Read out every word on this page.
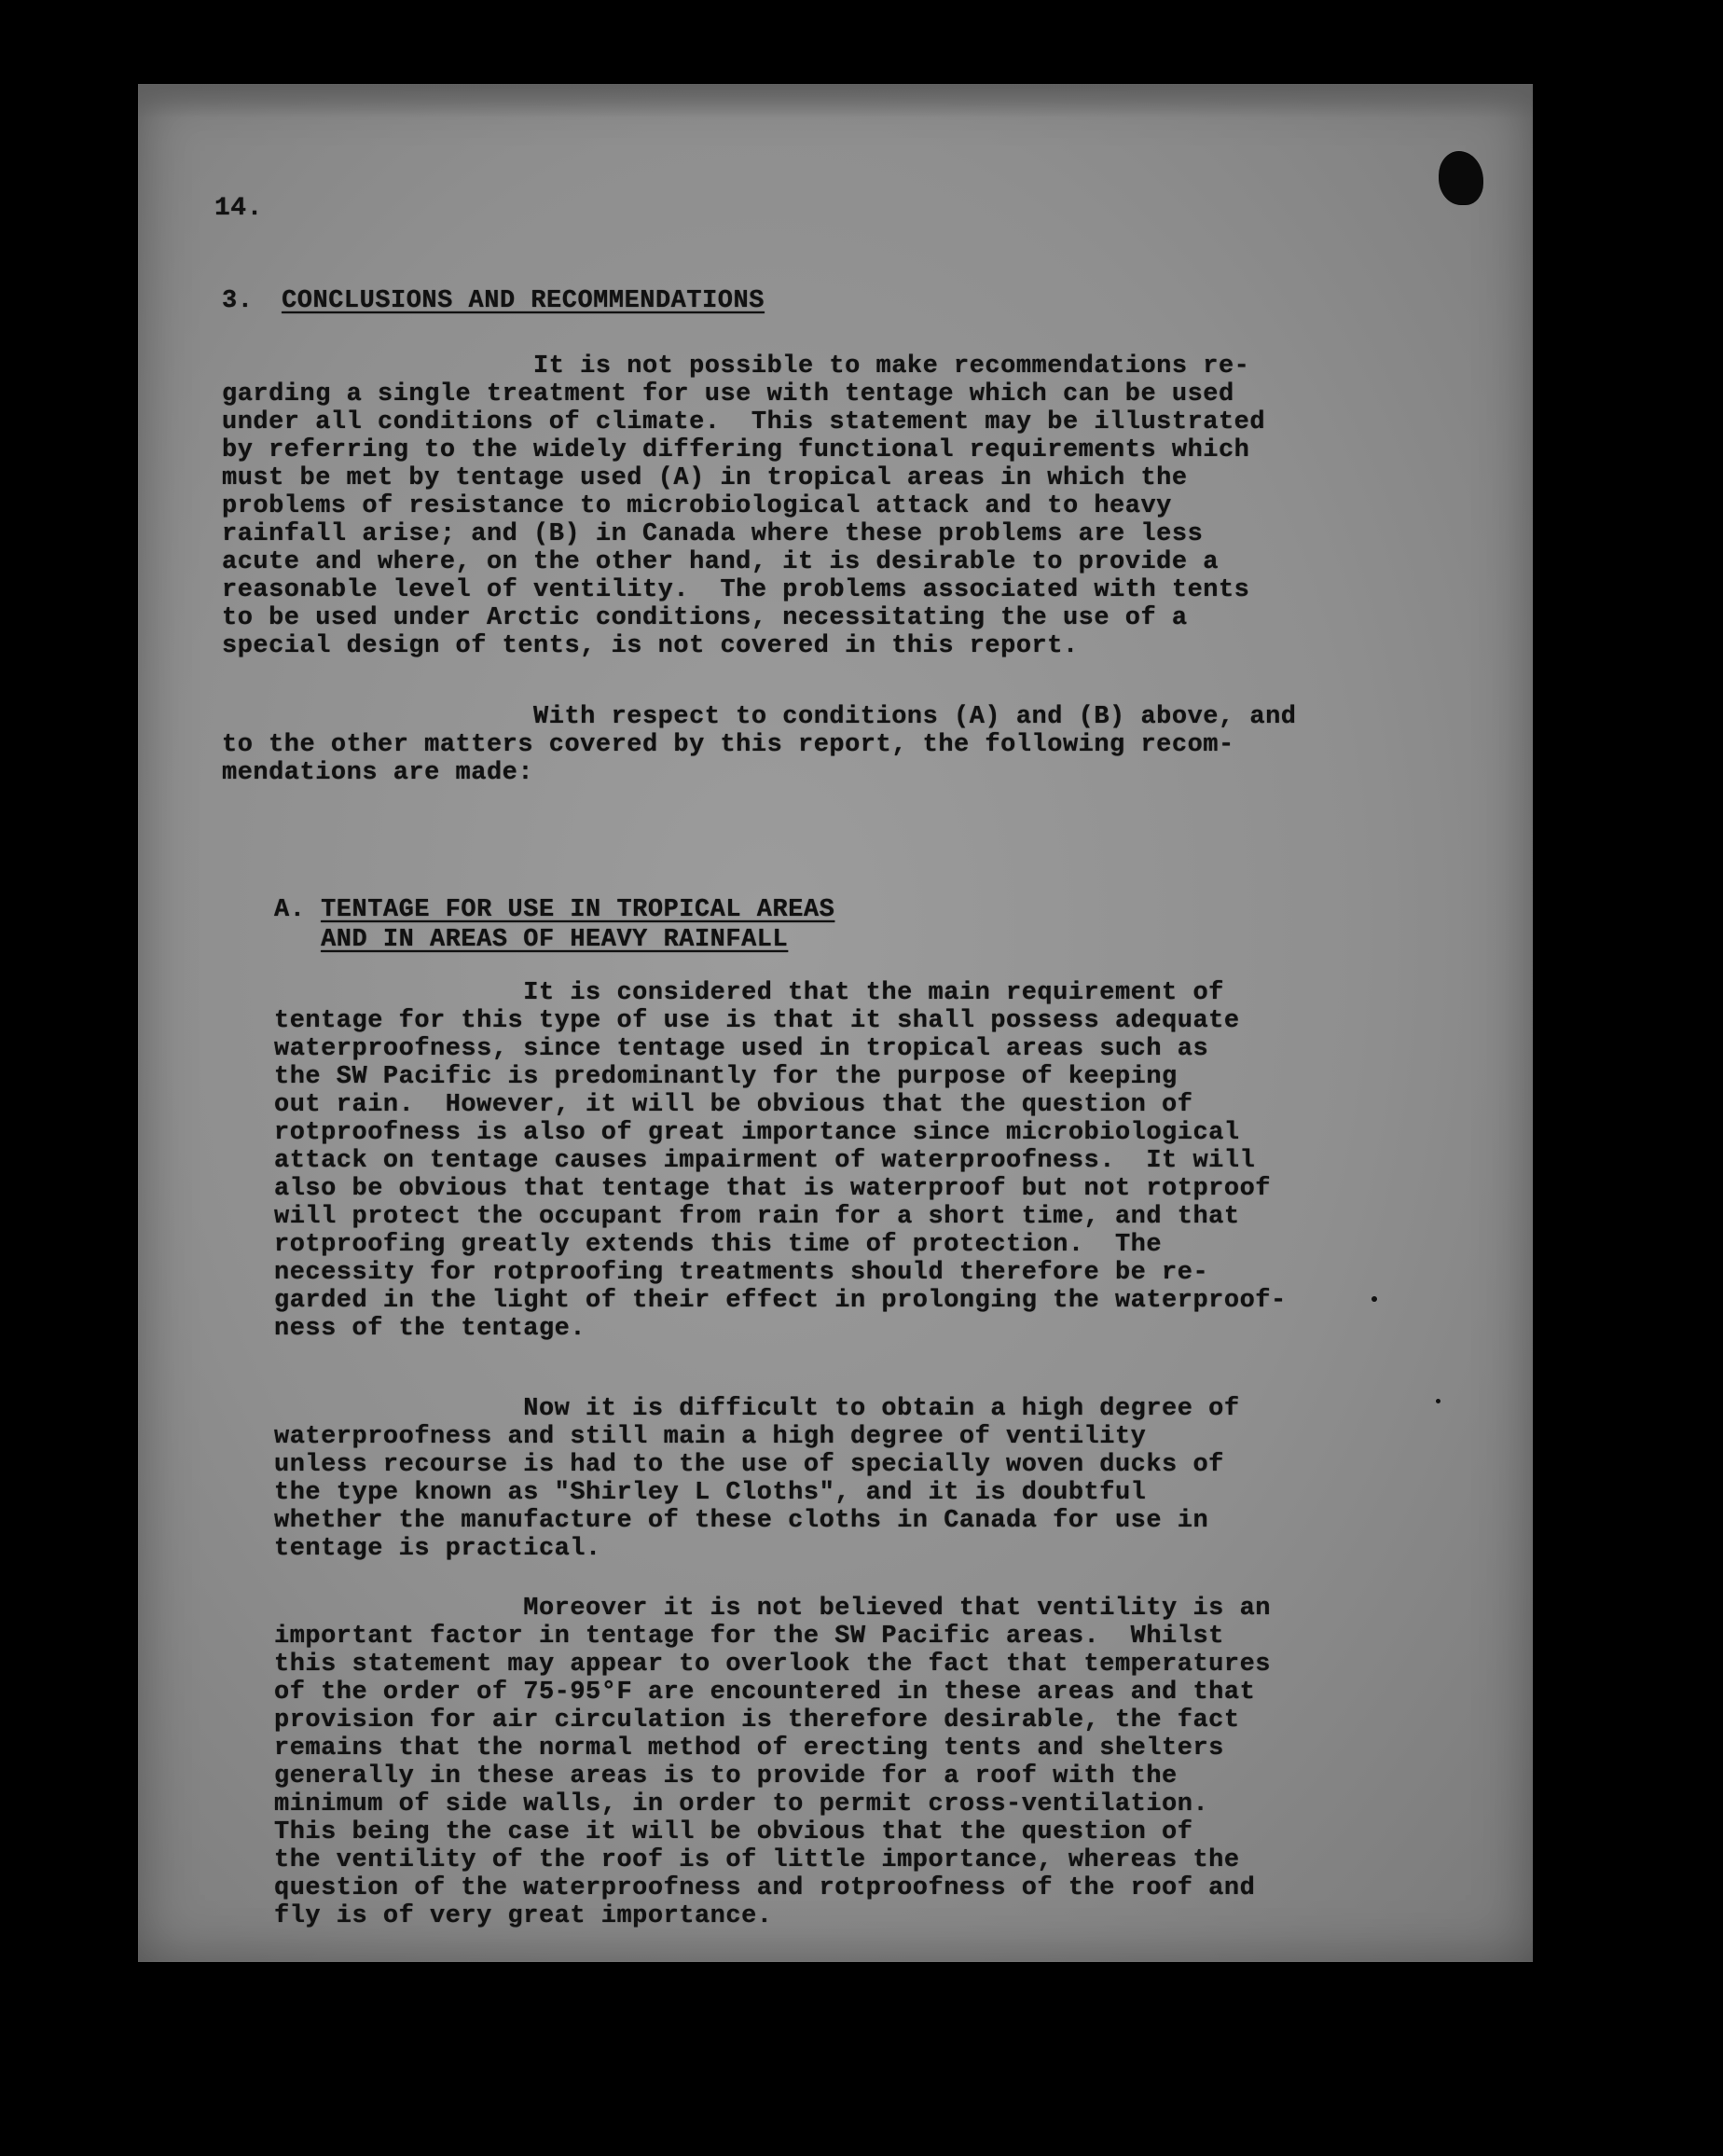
14.
3. CONCLUSIONS AND RECOMMENDATIONS

It is not possible to make recommendations re-
garding a single treatment for use with tentage which can be used
under all conditions of climate.  This statement may be illustrated
by referring to the widely differing functional requirements which
must be met by tentage used (A) in tropical areas in which the
problems of resistance to microbiological attack and to heavy
rainfall arise; and (B) in Canada where these problems are less
acute and where, on the other hand, it is desirable to provide a
reasonable level of ventility.  The problems associated with tents
to be used under Arctic conditions, necessitating the use of a
special design of tents, is not covered in this report.

With respect to conditions (A) and (B) above, and
to the other matters covered by this report, the following recom-
mendations are made:

A. TENTAGE FOR USE IN TROPICAL AREAS
AND IN AREAS OF HEAVY RAINFALL

It is considered that the main requirement of
tentage for this type of use is that it shall possess adequate
waterproofness, since tentage used in tropical areas such as
the SW Pacific is predominantly for the purpose of keeping
out rain.  However, it will be obvious that the question of
rotproofness is also of great importance since microbiological
attack on tentage causes impairment of waterproofness.  It will
also be obvious that tentage that is waterproof but not rotproof
will protect the occupant from rain for a short time, and that
rotproofing greatly extends this time of protection.  The
necessity for rotproofing treatments should therefore be re-
garded in the light of their effect in prolonging the waterproof-
ness of the tentage.

Now it is difficult to obtain a high degree of
waterproofness and still main a high degree of ventility
unless recourse is had to the use of specially woven ducks of
the type known as "Shirley L Cloths", and it is doubtful
whether the manufacture of these cloths in Canada for use in
tentage is practical.

Moreover it is not believed that ventility is an
important factor in tentage for the SW Pacific areas.  Whilst
this statement may appear to overlook the fact that temperatures
of the order of 75-95°F are encountered in these areas and that
provision for air circulation is therefore desirable, the fact
remains that the normal method of erecting tents and shelters
generally in these areas is to provide for a roof with the
minimum of side walls, in order to permit cross-ventilation.
This being the case it will be obvious that the question of
the ventility of the roof is of little importance, whereas the
question of the waterproofness and rotproofness of the roof and
fly is of very great importance.
